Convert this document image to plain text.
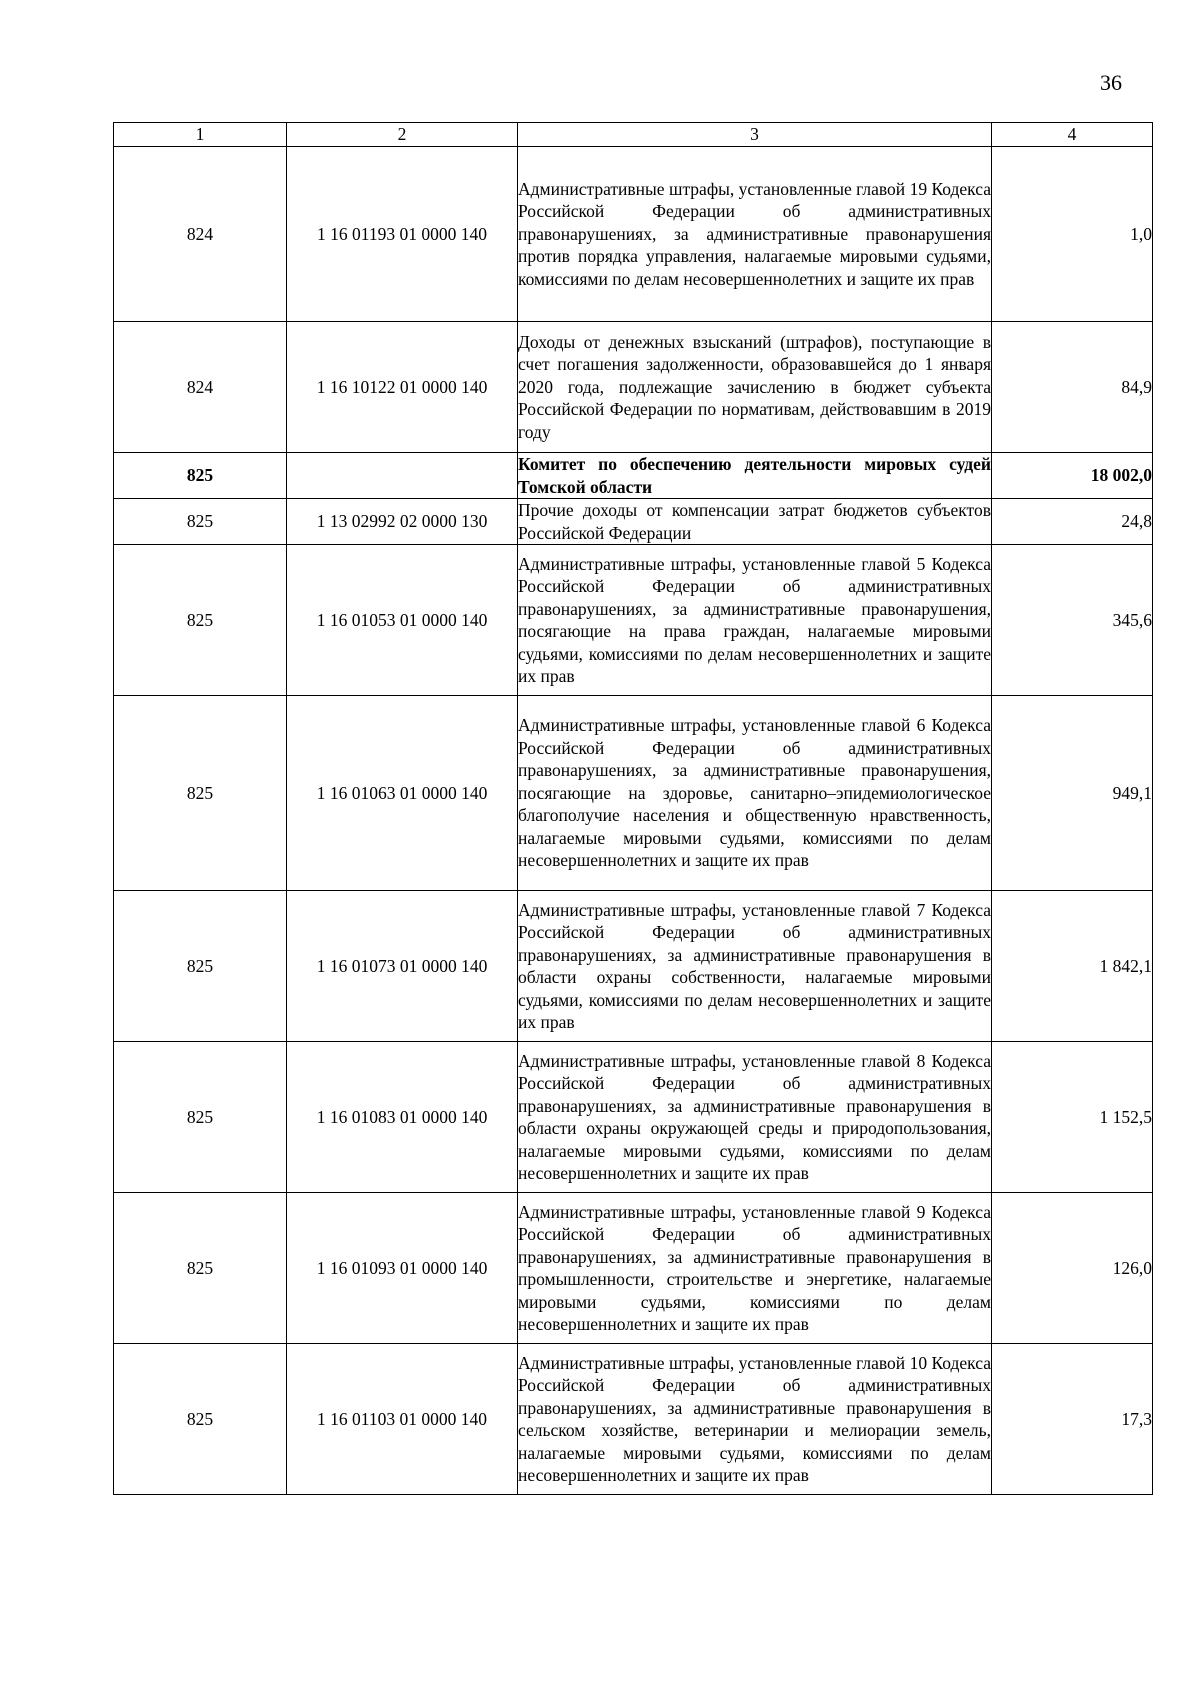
36
1	2	3	4
824	1 16 01193 01 0000 140	Административные штрафы, установленные главой 19 Кодекса Российской Федерации об административных правонарушениях, за административные правонарушения против порядка управления, налагаемые мировыми судьями, комиссиями по делам несовершеннолетних и защите их прав	1,0
824	1 16 10122 01 0000 140	Доходы от денежных взысканий (штрафов), поступающие в счет погашения задолженности, образовавшейся до 1 января 2020 года, подлежащие зачислению в бюджет субъекта Российской Федерации по нормативам, действовавшим в 2019 году	84,9
825		Комитет по обеспечению деятельности мировых судей Томской области	18 002,0
825	1 13 02992 02 0000 130	Прочие доходы от компенсации затрат бюджетов субъектов Российской Федерации	24,8
825	1 16 01053 01 0000 140	Административные штрафы, установленные главой 5 Кодекса Российской Федерации об административных правонарушениях, за административные правонарушения, посягающие на права граждан, налагаемые мировыми судьями, комиссиями по делам несовершеннолетних и защите их прав	345,6
825	1 16 01063 01 0000 140	Административные штрафы, установленные главой 6 Кодекса Российской Федерации об административных правонарушениях, за административные правонарушения, посягающие на здоровье, санитарно–эпидемиологическое благополучие населения и общественную нравственность, налагаемые мировыми судьями, комиссиями по делам несовершеннолетних и защите их прав	949,1
825	1 16 01073 01 0000 140	Административные штрафы, установленные главой 7 Кодекса Российской Федерации об административных правонарушениях, за административные правонарушения в области охраны собственности, налагаемые мировыми судьями, комиссиями по делам несовершеннолетних и защите их прав	1 842,1
825	1 16 01083 01 0000 140	Административные штрафы, установленные главой 8 Кодекса Российской Федерации об административных правонарушениях, за административные правонарушения в области охраны окружающей среды и природопользования, налагаемые мировыми судьями, комиссиями по делам несовершеннолетних и защите их прав	1 152,5
825	1 16 01093 01 0000 140	Административные штрафы, установленные главой 9 Кодекса Российской Федерации об административных правонарушениях, за административные правонарушения в промышленности, строительстве и энергетике, налагаемые мировыми судьями, комиссиями по делам несовершеннолетних и защите их прав	126,0
825	1 16 01103 01 0000 140	Административные штрафы, установленные главой 10 Кодекса Российской Федерации об административных правонарушениях, за административные правонарушения в сельском хозяйстве, ветеринарии и мелиорации земель, налагаемые мировыми судьями, комиссиями по делам несовершеннолетних и защите их прав	17,3
